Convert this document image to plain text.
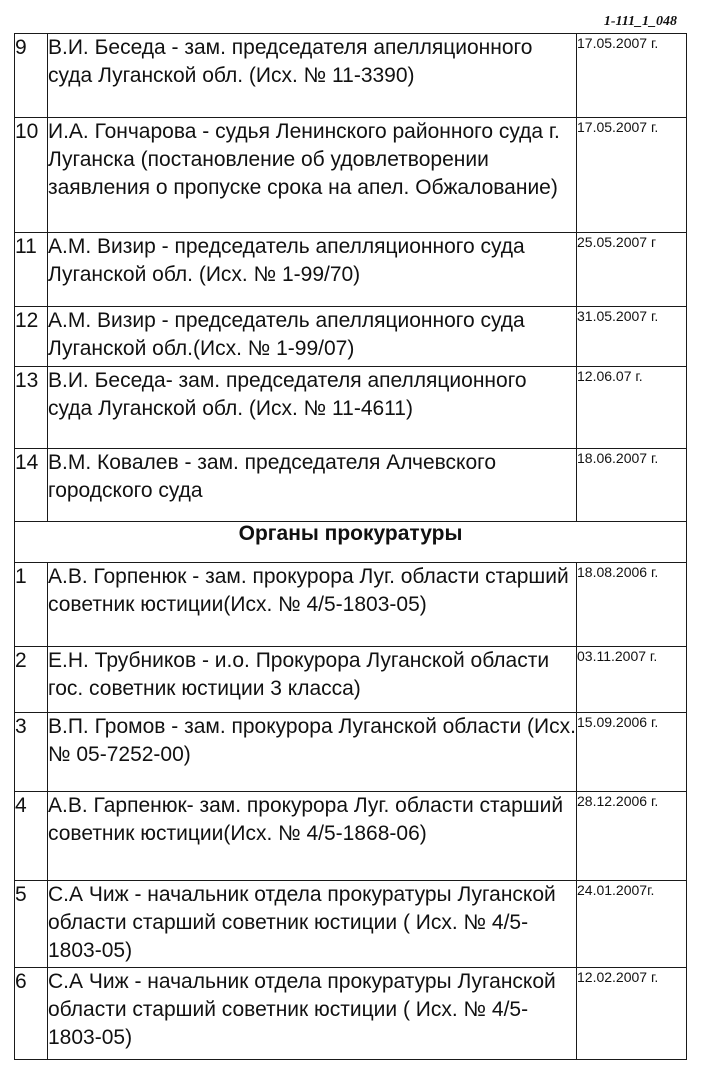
1-111_1_048
9	В.И. Беседа - зам. председателя апелляционного суда Луганской обл. (Исх. № 11-3390)	17.05.2007 г.
10	И.А. Гончарова - судья Ленинского районного суда г. Луганска (постановление об удовлетворении заявления о пропуске срока на апел. Обжалование)	17.05.2007 г.
11	А.М. Визир - председатель апелляционного суда Луганской обл. (Исх. № 1-99/70)	25.05.2007 г
12	А.М. Визир - председатель апелляционного суда Луганской обл.(Исх. № 1-99/07)	31.05.2007 г.
13	В.И. Беседа- зам. председателя апелляционного суда Луганской обл. (Исх. № 11-4611)	12.06.07 г.
14	В.М. Ковалев - зам. председателя Алчевского городского суда	18.06.2007 г.
Органы прокуратуры		
1	А.В. Горпенюк - зам. прокурора Луг. области старший советник юстиции(Исх. № 4/5-1803-05)	18.08.2006 г.
2	Е.Н. Трубников - и.о. Прокурора Луганской области гос. советник юстиции 3 класса)	03.11.2007 г.
3	В.П. Громов - зам. прокурора Луганской области (Исх. № 05-7252-00)	15.09.2006 г.
4	А.В. Гарпенюк- зам. прокурора Луг. области старший советник юстиции(Исх. № 4/5-1868-06)	28.12.2006 г.
5	С.А Чиж - начальник отдела прокуратуры Луганской области старший советник юстиции ( Исх. № 4/5-1803-05)	24.01.2007г.
6	С.А Чиж - начальник отдела прокуратуры Луганской области старший советник юстиции ( Исх. № 4/5-1803-05)	12.02.2007 г.
